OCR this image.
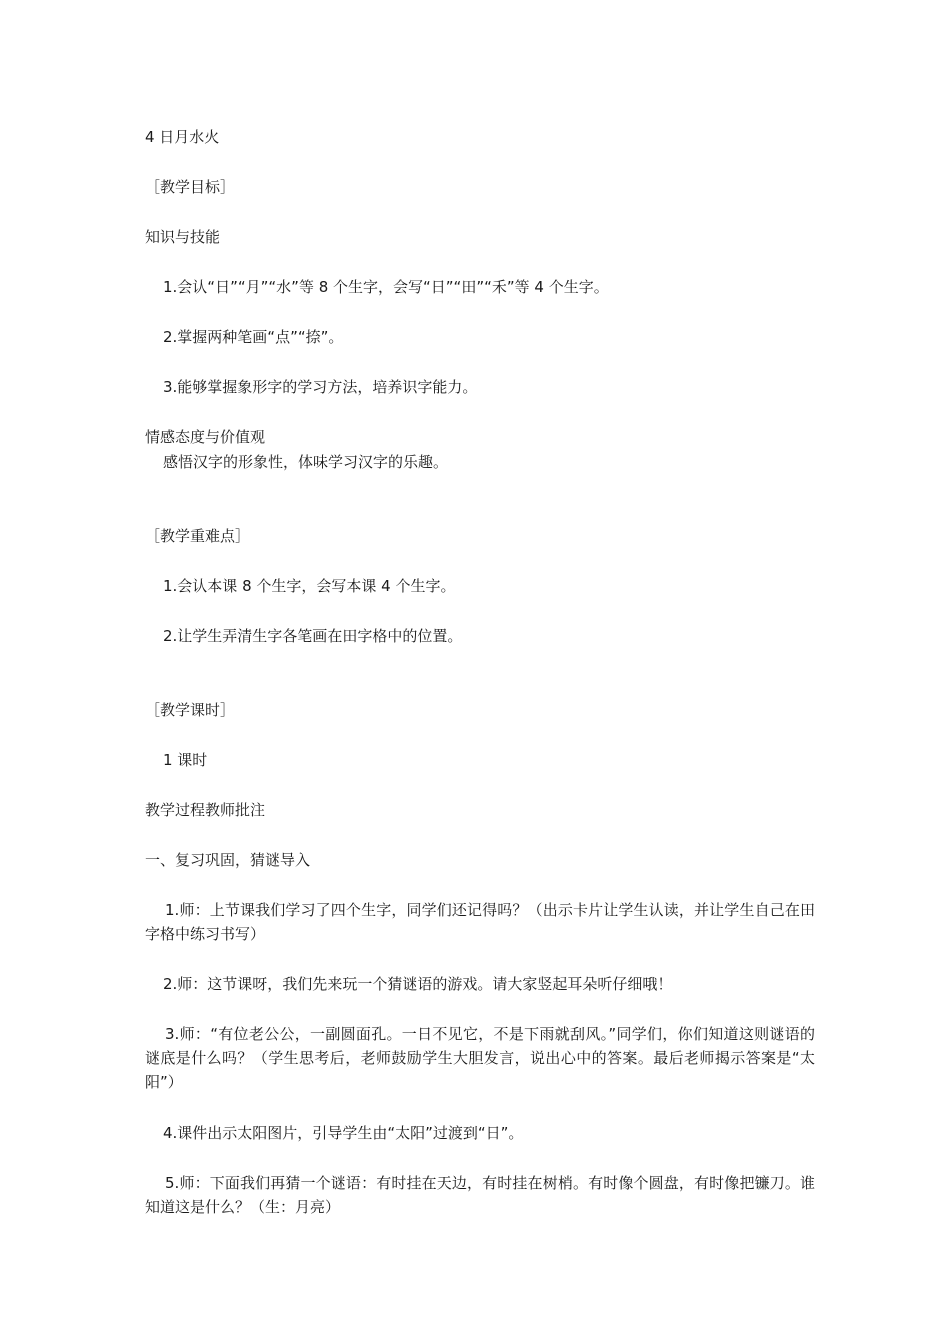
4 日月水火
［教学目标］
知识与技能
1.会认“日”“月”“水”等 8 个生字，会写“日”“田”“禾”等 4 个生字。
2.掌握两种笔画“点”“捺”。
3.能够掌握象形字的学习方法，培养识字能力。
情感态度与价值观
感悟汉字的形象性，体味学习汉字的乐趣。
［教学重难点］
1.会认本课 8 个生字，会写本课 4 个生字。
2.让学生弄清生字各笔画在田字格中的位置。
［教学课时］
1 课时
教学过程教师批注
一、复习巩固，猜谜导入
1.师：上节课我们学习了四个生字，同学们还记得吗？（出示卡片让学生认读，并让学生自己在田字格中练习书写）
2.师：这节课呀，我们先来玩一个猜谜语的游戏。请大家竖起耳朵听仔细哦！
3.师：“有位老公公，一副圆面孔。一日不见它，不是下雨就刮风。”同学们，你们知道这则谜语的谜底是什么吗？（学生思考后，老师鼓励学生大胆发言，说出心中的答案。最后老师揭示答案是“太阳”）
4.课件出示太阳图片，引导学生由“太阳”过渡到“日”。
5.师：下面我们再猜一个谜语：有时挂在天边，有时挂在树梢。有时像个圆盘，有时像把镰刀。谁知道这是什么？（生：月亮）
